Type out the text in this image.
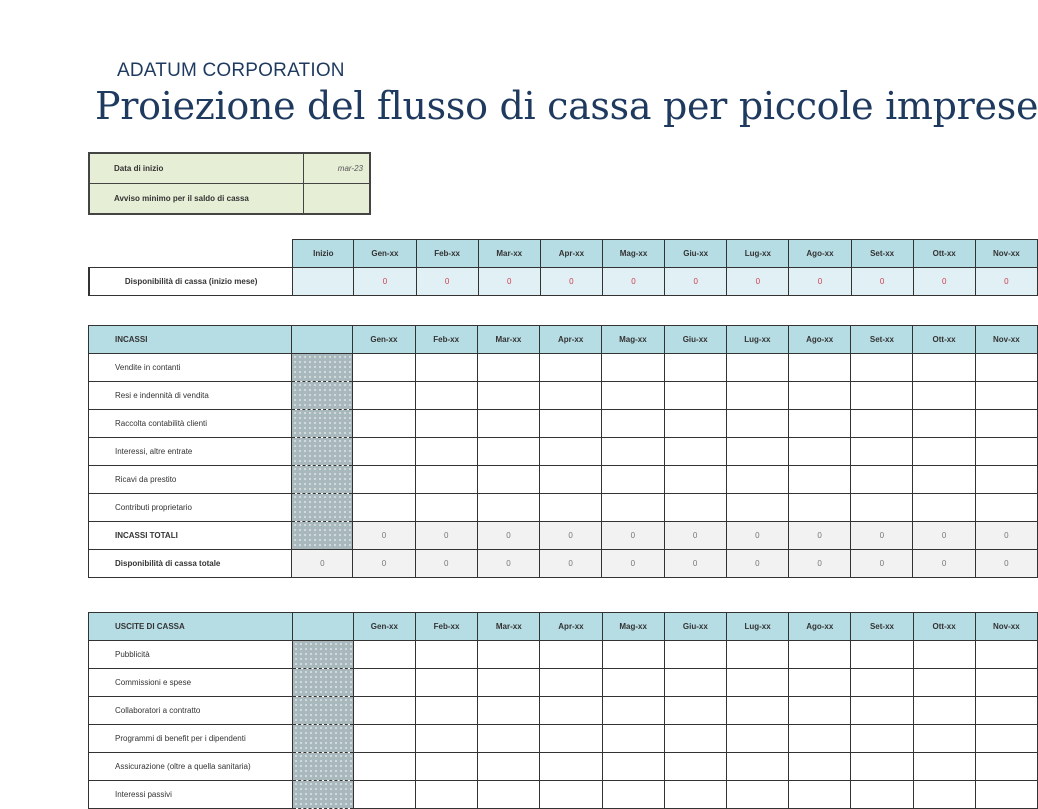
ADATUM CORPORATION
Proiezione del flusso di cassa per piccole imprese
Data di inizio	mar-23
Avviso minimo per il saldo di cassa	
	Inizio	Gen-xx	Feb-xx	Mar-xx	Apr-xx	Mag-xx	Giu-xx	Lug-xx	Ago-xx	Set-xx	Ott-xx	Nov-xx
Disponibilità di cassa (inizio mese)		0	0	0	0	0	0	0	0	0	0	0
INCASSI		Gen-xx	Feb-xx	Mar-xx	Apr-xx	Mag-xx	Giu-xx	Lug-xx	Ago-xx	Set-xx	Ott-xx	Nov-xx
Vendite in contanti												
Resi e indennità di vendita												
Raccolta contabilità clienti												
Interessi, altre entrate												
Ricavi da prestito												
Contributi proprietario												
INCASSI TOTALI		0	0	0	0	0	0	0	0	0	0	0
Disponibilità di cassa totale	0	0	0	0	0	0	0	0	0	0	0	0
USCITE DI CASSA		Gen-xx	Feb-xx	Mar-xx	Apr-xx	Mag-xx	Giu-xx	Lug-xx	Ago-xx	Set-xx	Ott-xx	Nov-xx
Pubblicità												
Commissioni e spese												
Collaboratori a contratto												
Programmi di benefit per i dipendenti												
Assicurazione (oltre a quella sanitaria)												
Interessi passivi												
